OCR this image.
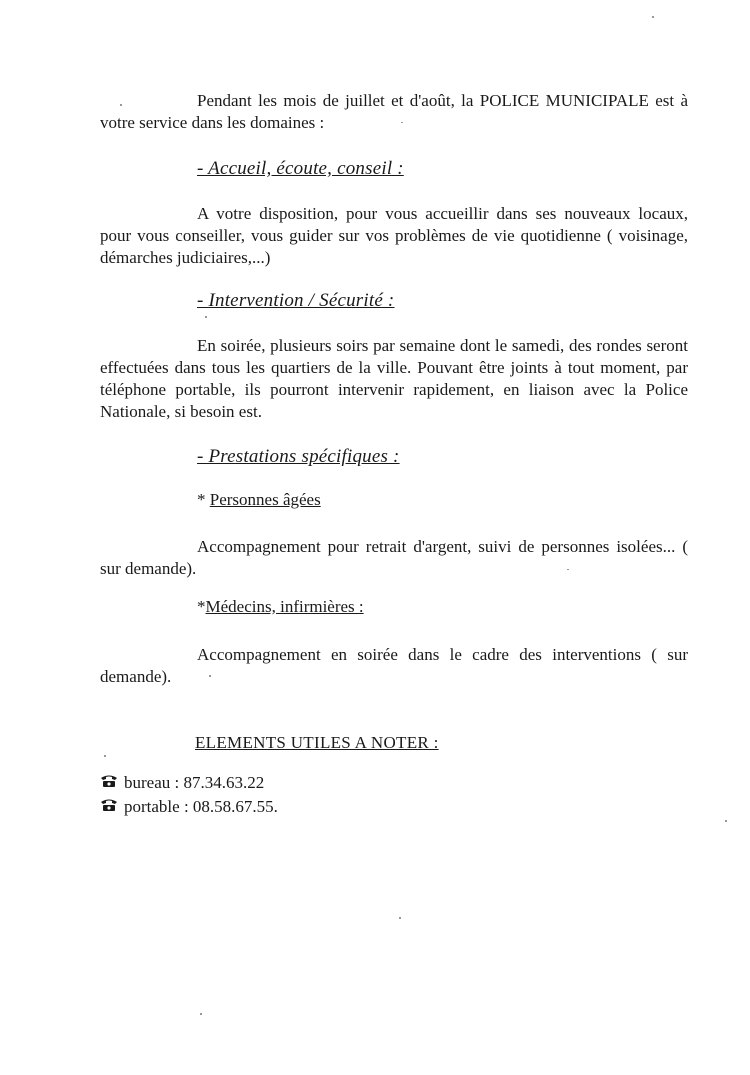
Pendant les mois de juillet et d'août, la POLICE MUNICIPALE est à votre service dans les domaines :
- Accueil, écoute, conseil :
A votre disposition, pour vous accueillir dans ses nouveaux locaux, pour vous conseiller, vous guider sur vos problèmes de vie quotidienne ( voisinage, démarches judiciaires,...)
- Intervention / Sécurité :
En soirée, plusieurs soirs par semaine dont le samedi, des rondes seront effectuées dans tous les quartiers de la ville. Pouvant être joints à tout moment, par téléphone portable, ils pourront intervenir rapidement, en liaison avec la Police Nationale, si besoin est.
- Prestations spécifiques :
* Personnes âgées
Accompagnement pour retrait d'argent, suivi de personnes isolées... ( sur demande).
*Médecins, infirmières :
Accompagnement en soirée dans le cadre des interventions ( sur demande).
ELEMENTS UTILES A NOTER :
bureau : 87.34.63.22
portable : 08.58.67.55.
